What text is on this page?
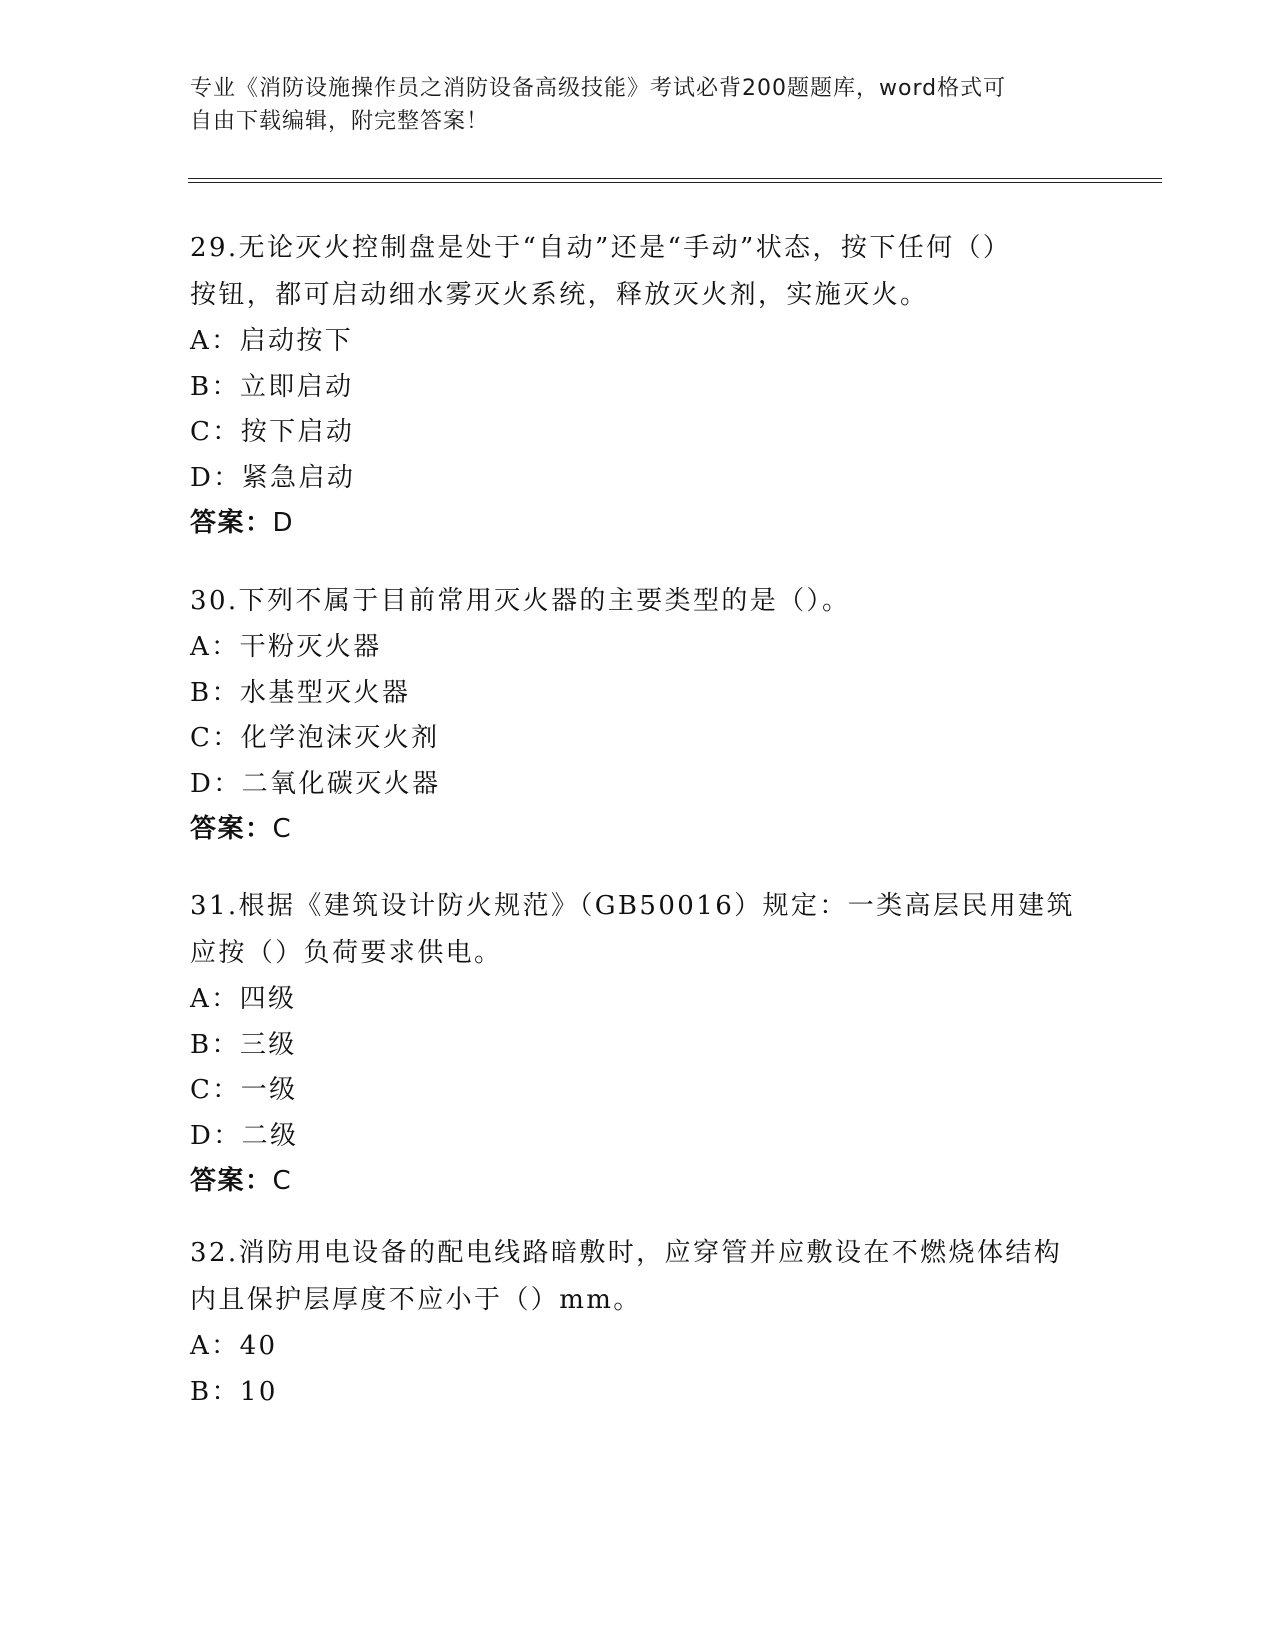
专业《消防设施操作员之消防设备高级技能》考试必背200题题库，word格式可
自由下载编辑，附完整答案！

29.无论灭火控制盘是处于“自动”还是“手动”状态，按下任何（）

按钮，都可启动细水雾灭火系统，释放灭火剂，实施灭火。

A：启动按下

B：立即启动

C：按下启动

D：紧急启动

答案：D

30.下列不属于目前常用灭火器的主要类型的是（）。

A：干粉灭火器

B：水基型灭火器

C：化学泡沫灭火剂

D：二氧化碳灭火器

答案：C

31.根据《建筑设计防火规范》（GB50016）规定：一类高层民用建筑

应按（）负荷要求供电。

A：四级

B：三级

C：一级

D：二级

答案：C

32.消防用电设备的配电线路暗敷时，应穿管并应敷设在不燃烧体结构

内且保护层厚度不应小于（）mm。

A：40

B：10
